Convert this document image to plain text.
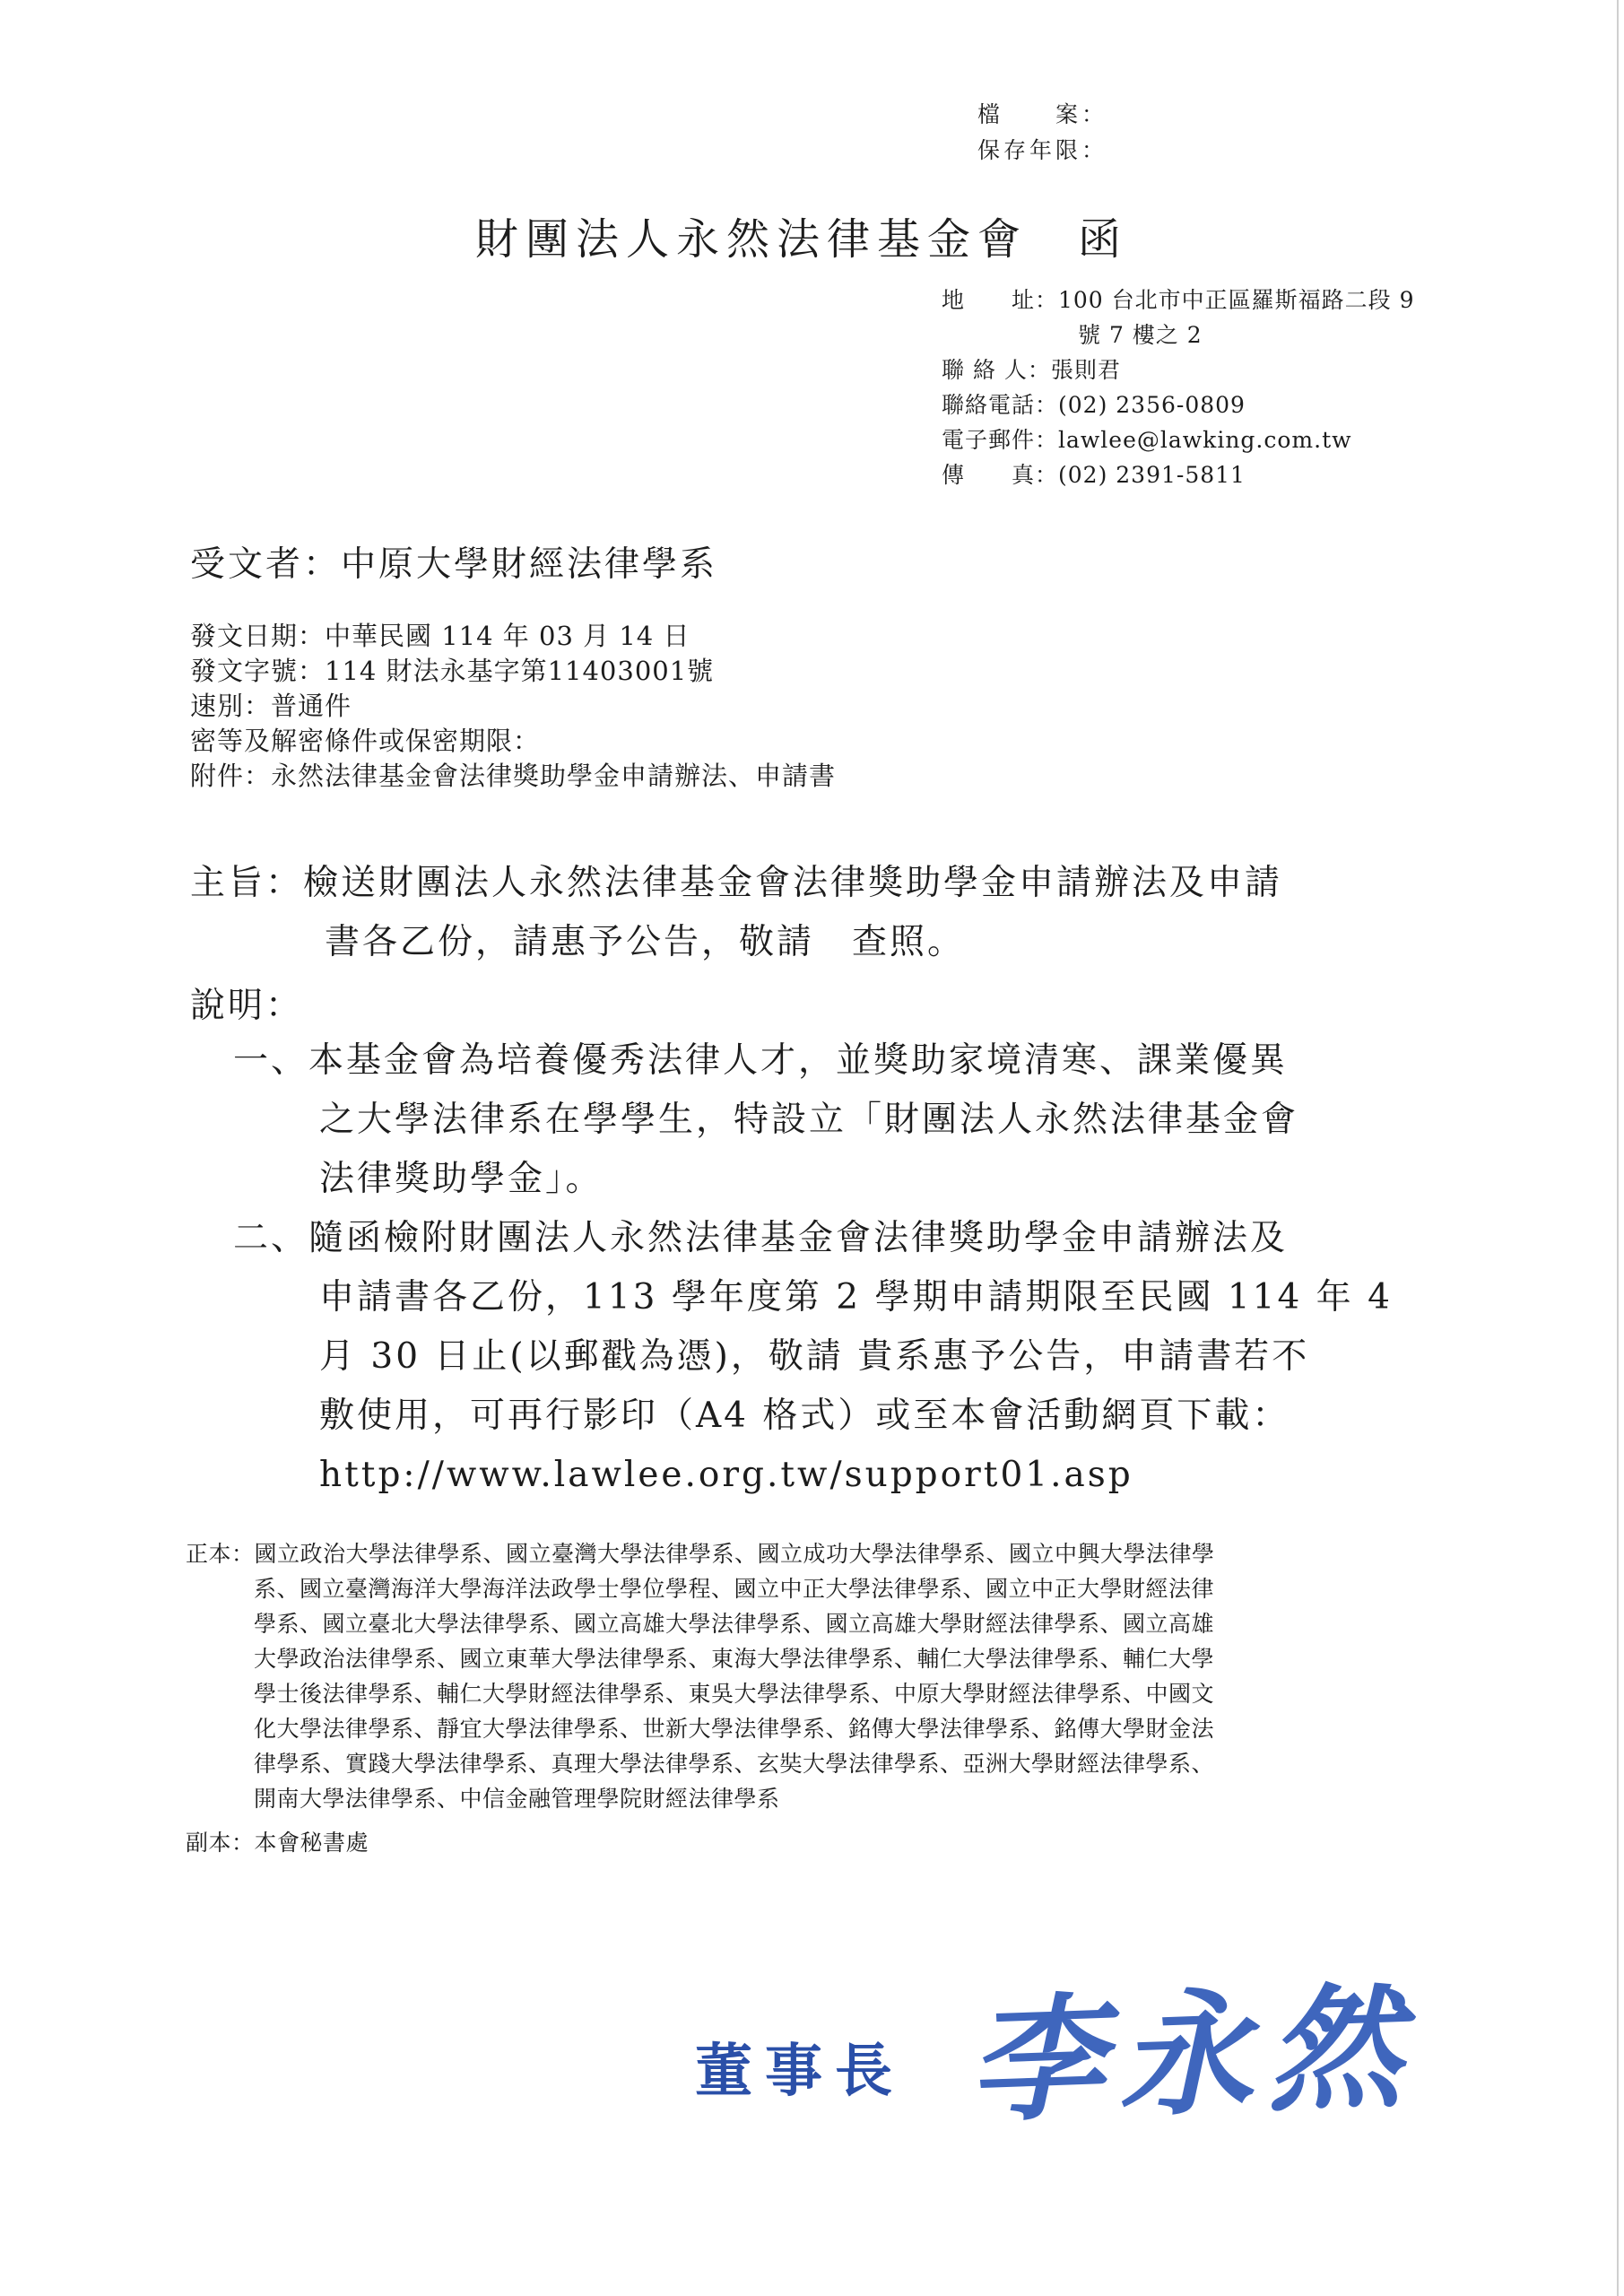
檔　　案：
保存年限：
財團法人永然法律基金會　函
地　　址：100 台北市中正區羅斯福路二段 9
號 7 樓之 2
聯 絡 人：張則君
聯絡電話：(02) 2356-0809
電子郵件：lawlee@lawking.com.tw
傳　　真：(02) 2391-5811
受文者：中原大學財經法律學系
發文日期：中華民國 114 年 03 月 14 日
發文字號：114 財法永基字第11403001號
速別：普通件
密等及解密條件或保密期限：
附件：永然法律基金會法律獎助學金申請辦法、申請書
主旨：檢送財團法人永然法律基金會法律獎助學金申請辦法及申請
書各乙份，請惠予公告，敬請　查照。
說明：
一、本基金會為培養優秀法律人才，並獎助家境清寒、課業優異
之大學法律系在學學生，特設立「財團法人永然法律基金會
法律獎助學金」。
二、隨函檢附財團法人永然法律基金會法律獎助學金申請辦法及
申請書各乙份，113 學年度第 2 學期申請期限至民國 114 年 4
月 30 日止(以郵戳為憑)，敬請 貴系惠予公告，申請書若不
敷使用，可再行影印（A4 格式）或至本會活動網頁下載：
http://www.lawlee.org.tw/support01.asp
正本：國立政治大學法律學系、國立臺灣大學法律學系、國立成功大學法律學系、國立中興大學法律學
系、國立臺灣海洋大學海洋法政學士學位學程、國立中正大學法律學系、國立中正大學財經法律
學系、國立臺北大學法律學系、國立高雄大學法律學系、國立高雄大學財經法律學系、國立高雄
大學政治法律學系、國立東華大學法律學系、東海大學法律學系、輔仁大學法律學系、輔仁大學
學士後法律學系、輔仁大學財經法律學系、東吳大學法律學系、中原大學財經法律學系、中國文
化大學法律學系、靜宜大學法律學系、世新大學法律學系、銘傳大學法律學系、銘傳大學財金法
律學系、實踐大學法律學系、真理大學法律學系、玄奘大學法律學系、亞洲大學財經法律學系、
開南大學法律學系、中信金融管理學院財經法律學系
副本：本會秘書處
董事長 李永然
